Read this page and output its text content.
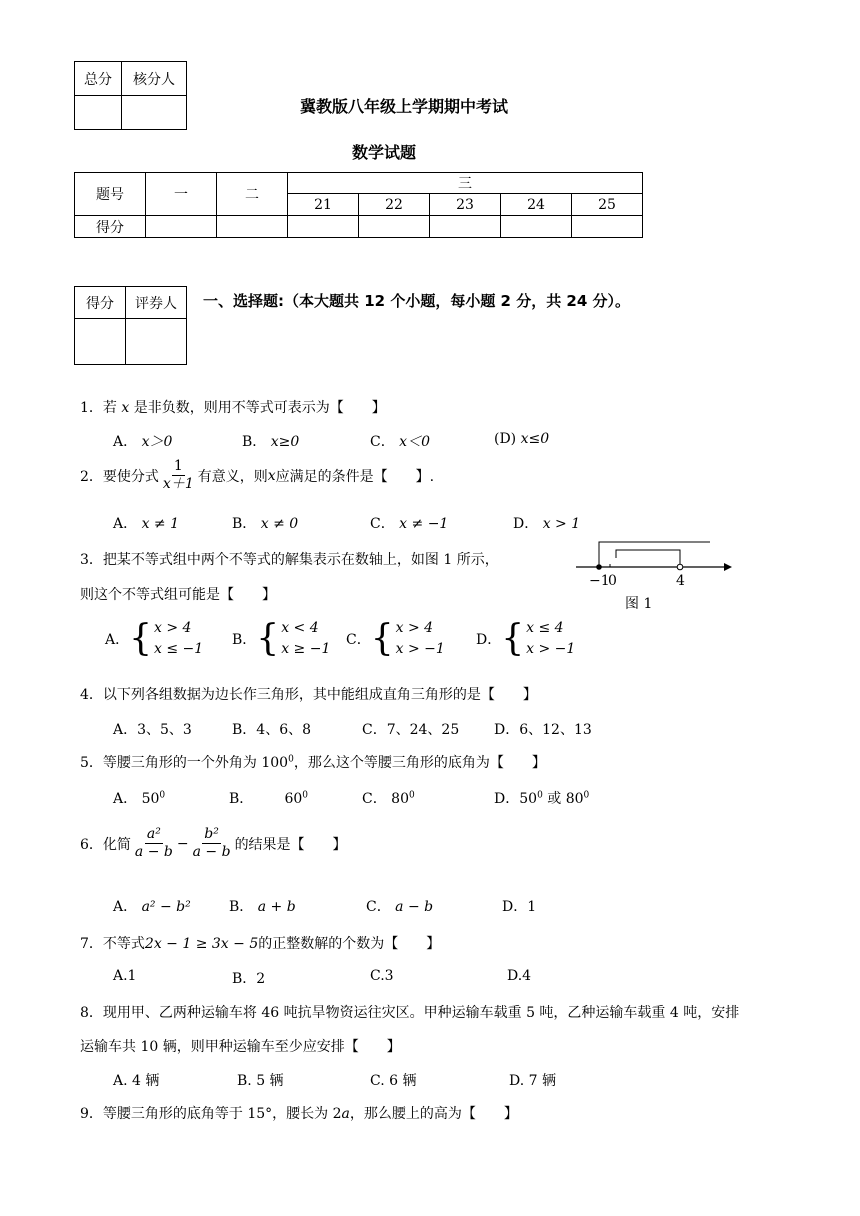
总分	核分人

冀教版八年级上学期期中考试
数学试题
题号	一	二	三				
			21	22	23	24	25
得分							
得分	评券人
	一、选择题:（本大题共 12 个小题，每小题 2 分，共 24 分）。
1．若 x 是非负数，则用不等式可表示为【　　】
A． x＞0	B． x≥0	C． x＜0	(D) x≤0
2．要使分式 $\frac{1}{x+1}$ 有意义，则 x 应满足的条件是【　　】.
A． x ≠ 1	B． x ≠ 0	C． x ≠ −1	D． x > 1
3．把某不等式组中两个不等式的解集表示在数轴上，如图 1 所示，
则这个不等式组可能是【　　】
−1
0	4
图 1
A． { x > 4
x ≤ −1
B． { x < 4
x ≥ −1
C． { x > 4
x > −1
D． { x ≤ 4
x > −1
4．以下列各组数据为边长作三角形，其中能组成直角三角形的是【　　】
A．3、5、3	B．4、6、8	C．7、24、25 D．6、12、13
5．等腰三角形的一个外角为 $100^0$，那么这个等腰三角形的底角为【　　】
A． $50^0$	B． $60^0$	C． $80^0$	D．$50^0$ 或 $80^0$
6．化简 $\frac{\text{a²}}{a - b} - \frac{\text{b²}}{a - b}$ 的结果是【　　】
A． a² − b²	B． a + b	C． a − b	D．1
7．不等式2x − 1 ≥ 3x − 5的正整数解的个数为【　　】
A.1	B．2	C.3	D.4
8．现用甲、乙两种运输车将 46 吨抗旱物资运往灾区。甲种运输车载重 5 吨，乙种运输车载重 4 吨，安排
运输车共 10 辆，则甲种运输车至少应安排【　　】
A. 4 辆	B. 5 辆	C. 6 辆	D. 7 辆
9．等腰三角形的底角等于 15°，腰长为 2a，那么腰上的高为【　　】
